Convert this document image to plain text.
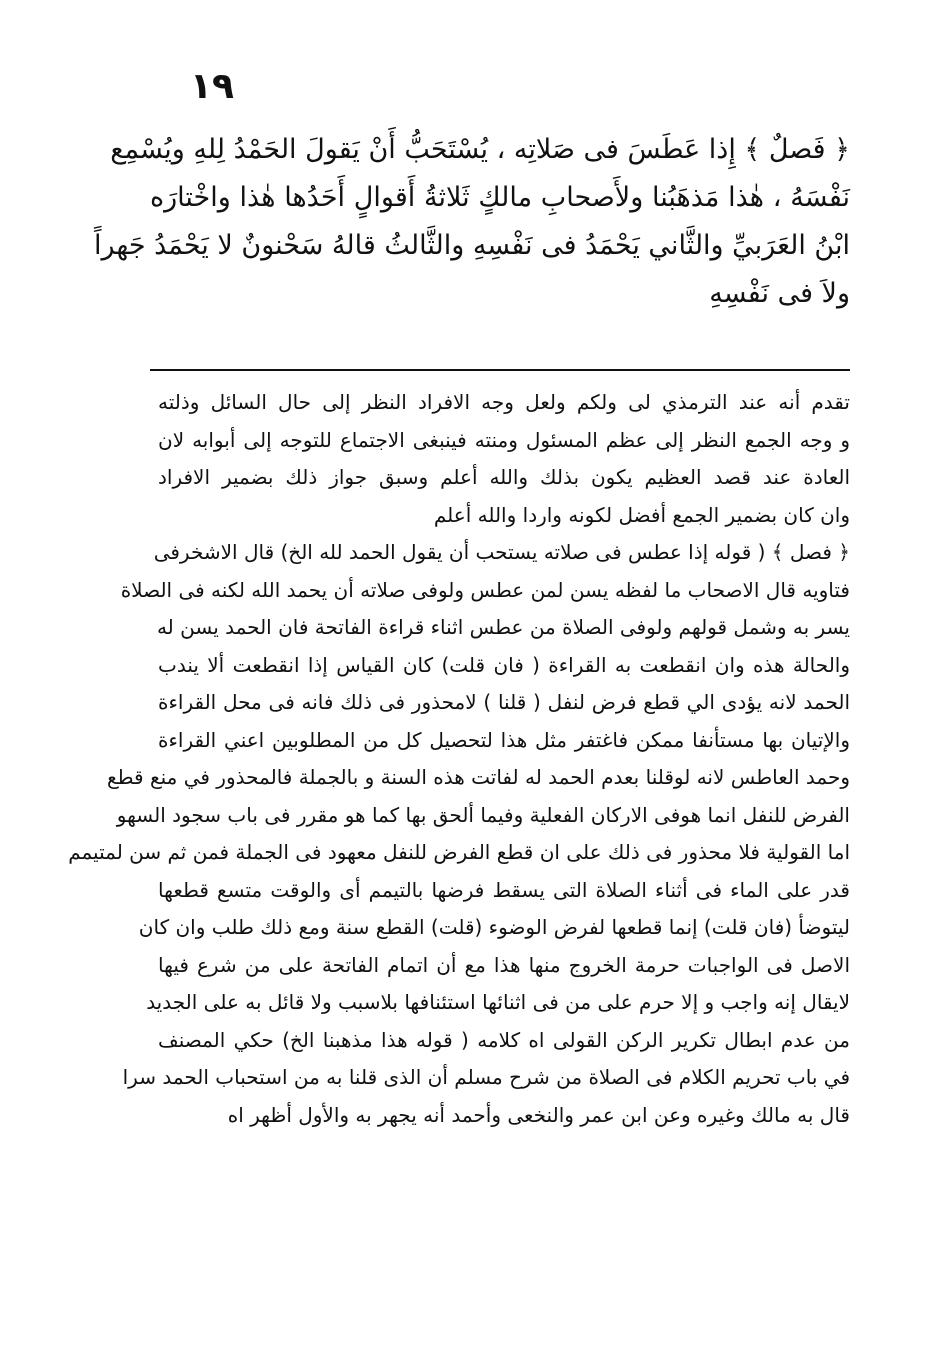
١٩
﴿ فَصلٌ ﴾ إِذا عَطَسَ فى صَلاتِه ، يُسْتَحَبُّ أَنْ يَقولَ الحَمْدُ لِلهِ ويُسْمِع
نَفْسَهُ ، هٰذا مَذهَبُنا ولأَصحابِ مالكٍ ثَلاثةُ أَقوالٍ أَحَدُها هٰذا واخْتارَه
ابْنُ العَرَبيِّ والثَّاني يَحْمَدُ فى نَفْسِهِ والثَّالثُ قالهُ سَحْنونٌ لا يَحْمَدُ جَهراً
ولاَ فى نَفْسِهِ
تقدم أنه عند الترمذي لى ولكم ولعل وجه الافراد النظر إلى حال السائل وذلته
و وجه الجمع النظر إلى عظم المسئول ومنته فينبغى الاجتماع للتوجه إلى أبوابه لان
العادة عند قصد العظيم يكون بذلك والله أعلم وسبق جواز ذلك بضمير الافراد
وان كان بضمير الجمع أفضل لكونه واردا والله أعلم
﴿ فصل ﴾ ( قوله إذا عطس فى صلاته يستحب أن يقول الحمد لله الخ) قال الاشخرفى
فتاويه قال الاصحاب ما لفظه يسن لمن عطس ولوفى صلاته أن يحمد الله لكنه فى الصلاة
يسر به وشمل قولهم ولوفى الصلاة من عطس اثناء قراءة الفاتحة فان الحمد يسن له
والحالة هذه وان انقطعت به القراءة ( فان قلت) كان القياس إذا انقطعت ألا يندب
الحمد لانه يؤدى الي قطع فرض لنفل ( قلنا ) لامحذور فى ذلك فانه فى محل القراءة
والإتيان بها مستأنفا ممكن فاغتفر مثل هذا لتحصيل كل من المطلوبين اعني القراءة
وحمد العاطس لانه لوقلنا بعدم الحمد له لفاتت هذه السنة و بالجملة فالمحذور في منع قطع
الفرض للنفل انما هوفى الاركان الفعلية وفيما ألحق بها كما هو مقرر فى باب سجود السهو
اما القولية فلا محذور فى ذلك على ان قطع الفرض للنفل معهود فى الجملة فمن ثم سن لمتيمم
قدر على الماء فى أثناء الصلاة التى يسقط فرضها بالتيمم أى والوقت متسع قطعها
ليتوضأ (فان قلت) إنما قطعها لفرض الوضوء (قلت) القطع سنة ومع ذلك طلب وان كان
الاصل فى الواجبات حرمة الخروج منها هذا مع أن اتمام الفاتحة على من شرع فيها
لايقال إنه واجب و إلا حرم على من فى اثنائها استئنافها بلاسبب ولا قائل به على الجديد
من عدم ابطال تكرير الركن القولى اه كلامه ( قوله هذا مذهبنا الخ) حكي المصنف
في باب تحريم الكلام فى الصلاة من شرح مسلم أن الذى قلنا به من استحباب الحمد سرا
قال به مالك وغيره وعن ابن عمر والنخعى وأحمد أنه يجهر به والأول أظهر اه
